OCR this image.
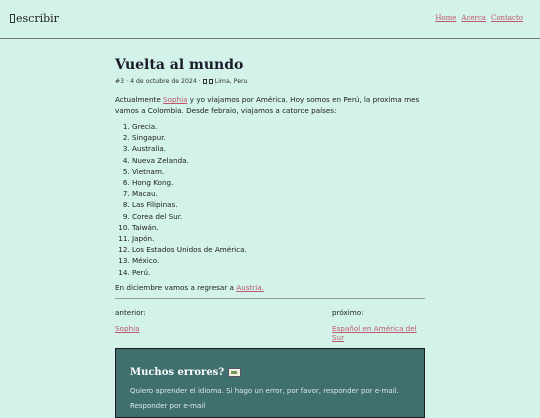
escribir	Home Acerca Contacto
Vuelta al mundo
#3 · 4 de octubre de 2024 · Lima, Peru

Actualmente Sophia y yo viajamos por América. Hoy somos en Perú, la proxima mes vamos a Colombia. Desde febraio, viajamos a catorce países:

1. Grecia.
2. Singapur.
3. Australia.
4. Nueva Zelanda.
5. Vietnam.
6. Hong Kong.
7. Macau.
8. Las Filipinas.
9. Corea del Sur.
10. Taiwán.
11. Japón.
12. Los Estados Unidos de América.
13. México.
14. Perú.
En diciembre vamos a regresar a Austria.
anterior:
Sophia
próximo:
Español en América del Sur
Muchos errores?
Quiero aprender el idioma. Si hago un error, por favor, responder por e-mail.
Responder por e-mail
